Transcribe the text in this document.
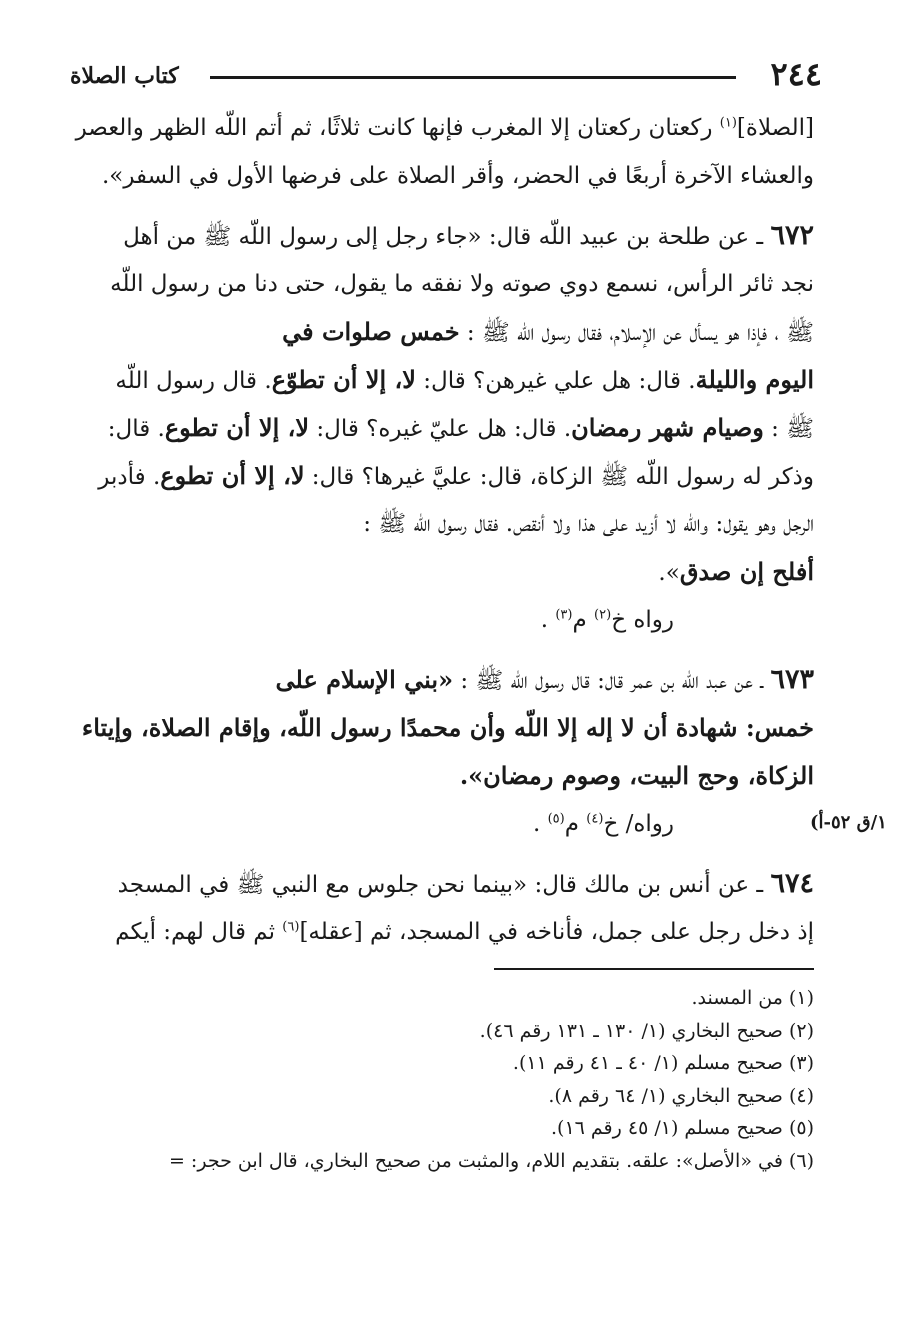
٢٤٤
كتاب الصلاة
[الصلاة]$^{(١)}$ ركعتان ركعتان إلا المغرب فإنها كانت ثلاثًا، ثم أتم اللّه الظهر والعصر
والعشاء الآخرة أربعًا في الحضر، وأقر الصلاة على فرضها الأول في السفر».
٦٧٢ ـ عن طلحة بن عبيد اللّه قال: «جاء رجل إلى رسول اللّه ﷺ من أهل
نجد ثائر الرأس، نسمع دوي صوته ولا نفقه ما يقول، حتى دنا من رسول اللّه
ﷺ ، فإذا هو يسأل عن الإسلام، فقال رسول اللّه ﷺ : خمس صلوات في
اليوم والليلة. قال: هل علي غيرهن؟ قال: لا، إلا أن تطوّع. قال رسول اللّه
ﷺ : وصيام شهر رمضان. قال: هل عليّ غيره؟ قال: لا، إلا أن تطوع. قال:
وذكر له رسول اللّه ﷺ الزكاة، قال: عليَّ غيرها؟ قال: لا، إلا أن تطوع. فأدبر
الرجل وهو يقول: واللّه لا أزيد على هذا ولا أنقص. فقال رسول اللّه ﷺ :
أفلح إن صدق».
رواه خ$^{(٢)}$ م$^{(٣)}$ .
٦٧٣ ـ عن عبد اللّه بن عمر قال: قال رسول اللّه ﷺ : «بني الإسلام على
خمس: شهادة أن لا إله إلا اللّه وأن محمدًا رسول اللّه، وإقام الصلاة، وإيتاء
الزكاة، وحج البيت، وصوم رمضان».
رواه/ خ$^{(٤)}$ م$^{(٥)}$ .
٦٧٤ ـ عن أنس بن مالك قال: «بينما نحن جلوس مع النبي ﷺ في المسجد
إذ دخل رجل على جمل، فأناخه في المسجد، ثم [عقله]$^{(٦)}$ ثم قال لهم: أيكم
١/ق ٥٢-أ)
(١) من المسند.
(٢) صحيح البخاري (١/ ١٣٠ ـ ١٣١ رقم ٤٦).
(٣) صحيح مسلم (١/ ٤٠ ـ ٤١ رقم ١١).
(٤) صحيح البخاري (١/ ٦٤ رقم ٨).
(٥) صحيح مسلم (١/ ٤٥ رقم ١٦).
(٦) في «الأصل»: علقه. بتقديم اللام، والمثبت من صحيح البخاري، قال ابن حجر: =
